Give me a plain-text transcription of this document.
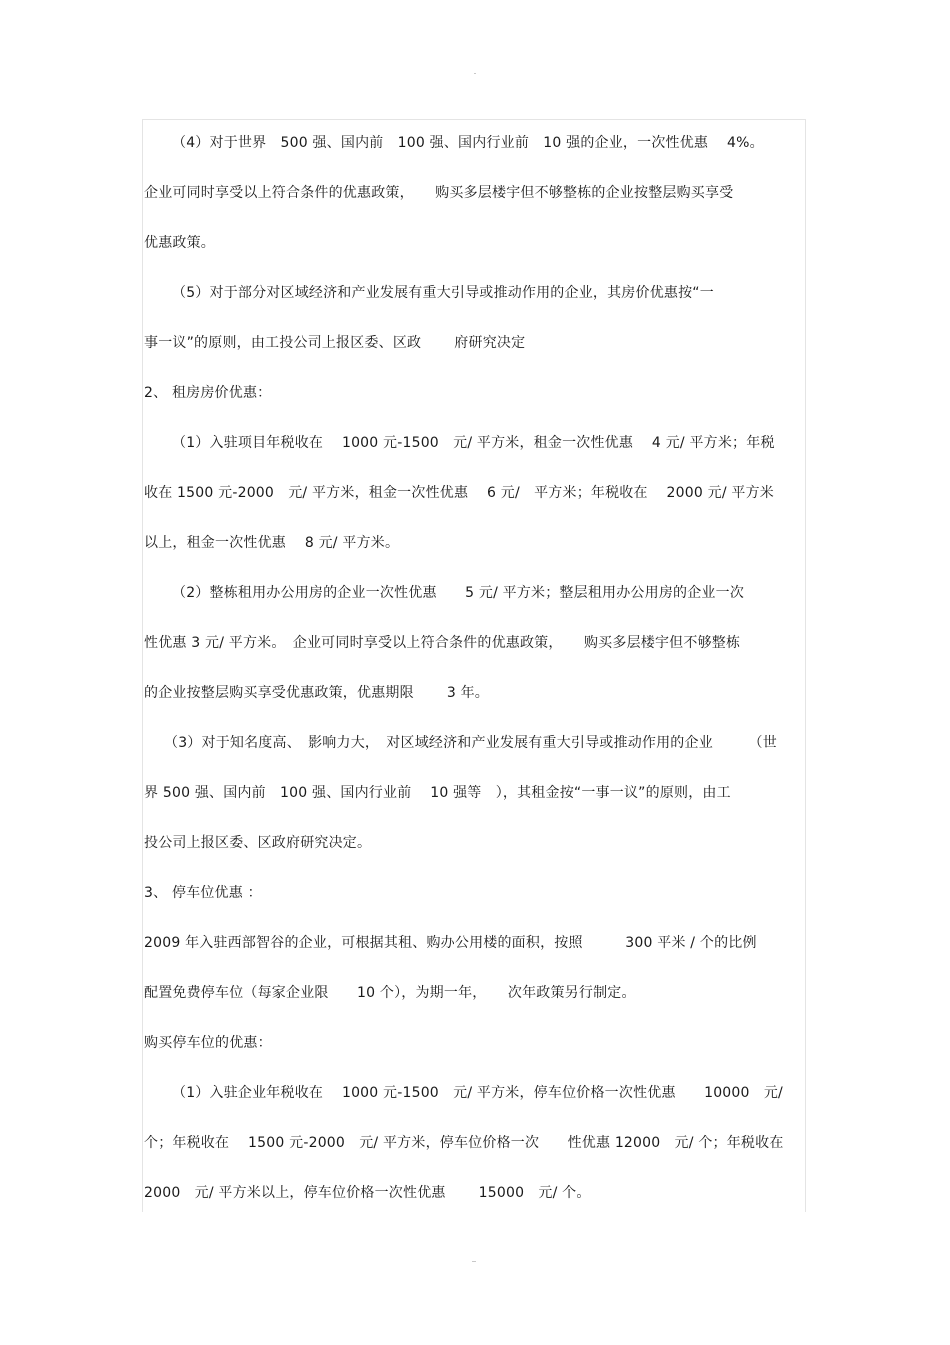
（4）对于世界　500 强、国内前　100 强、国内行业前　10 强的企业，一次性优惠　 4%。
企业可同时享受以上符合条件的优惠政策，　　购买多层楼宇但不够整栋的企业按整层购买享受
优惠政策。
（5）对于部分对区域经济和产业发展有重大引导或推动作用的企业，其房价优惠按“一
事一议”的原则，由工投公司上报区委、区政　　 府研究决定
2、 租房房价优惠：
（1）入驻项目年税收在　 1000 元-1500　元/ 平方米，租金一次性优惠　 4 元/ 平方米；年税
收在 1500 元-2000　元/ 平方米，租金一次性优惠　 6 元/　平方米；年税收在　 2000 元/ 平方米
以上，租金一次性优惠　 8 元/ 平方米。
（2）整栋租用办公用房的企业一次性优惠　　5 元/ 平方米；整层租用办公用房的企业一次
性优惠 3 元/ 平方米。　企业可同时享受以上符合条件的优惠政策，　　购买多层楼宇但不够整栋
的企业按整层购买享受优惠政策，优惠期限　　 3 年。
（3）对于知名度高、　影响力大，　对区域经济和产业发展有重大引导或推动作用的企业　　　（世
界 500 强、国内前　100 强、国内行业前　 10 强等　），其租金按“一事一议”的原则，由工
投公司上报区委、区政府研究决定。
3、 停车位优惠 ：
2009 年入驻西部智谷的企业，可根据其租、购办公用楼的面积，按照　　　300 平米 / 个的比例
配置免费停车位（每家企业限　　10 个），为期一年，　　次年政策另行制定。
购买停车位的优惠：
（1）入驻企业年税收在　 1000 元-1500　元/ 平方米，停车位价格一次性优惠　　10000　元/
个；年税收在　 1500 元-2000　元/ 平方米，停车位价格一次　　性优惠 12000　元/ 个；年税收在
2000　元/ 平方米以上，停车位价格一次性优惠　　 15000　元/ 个。
